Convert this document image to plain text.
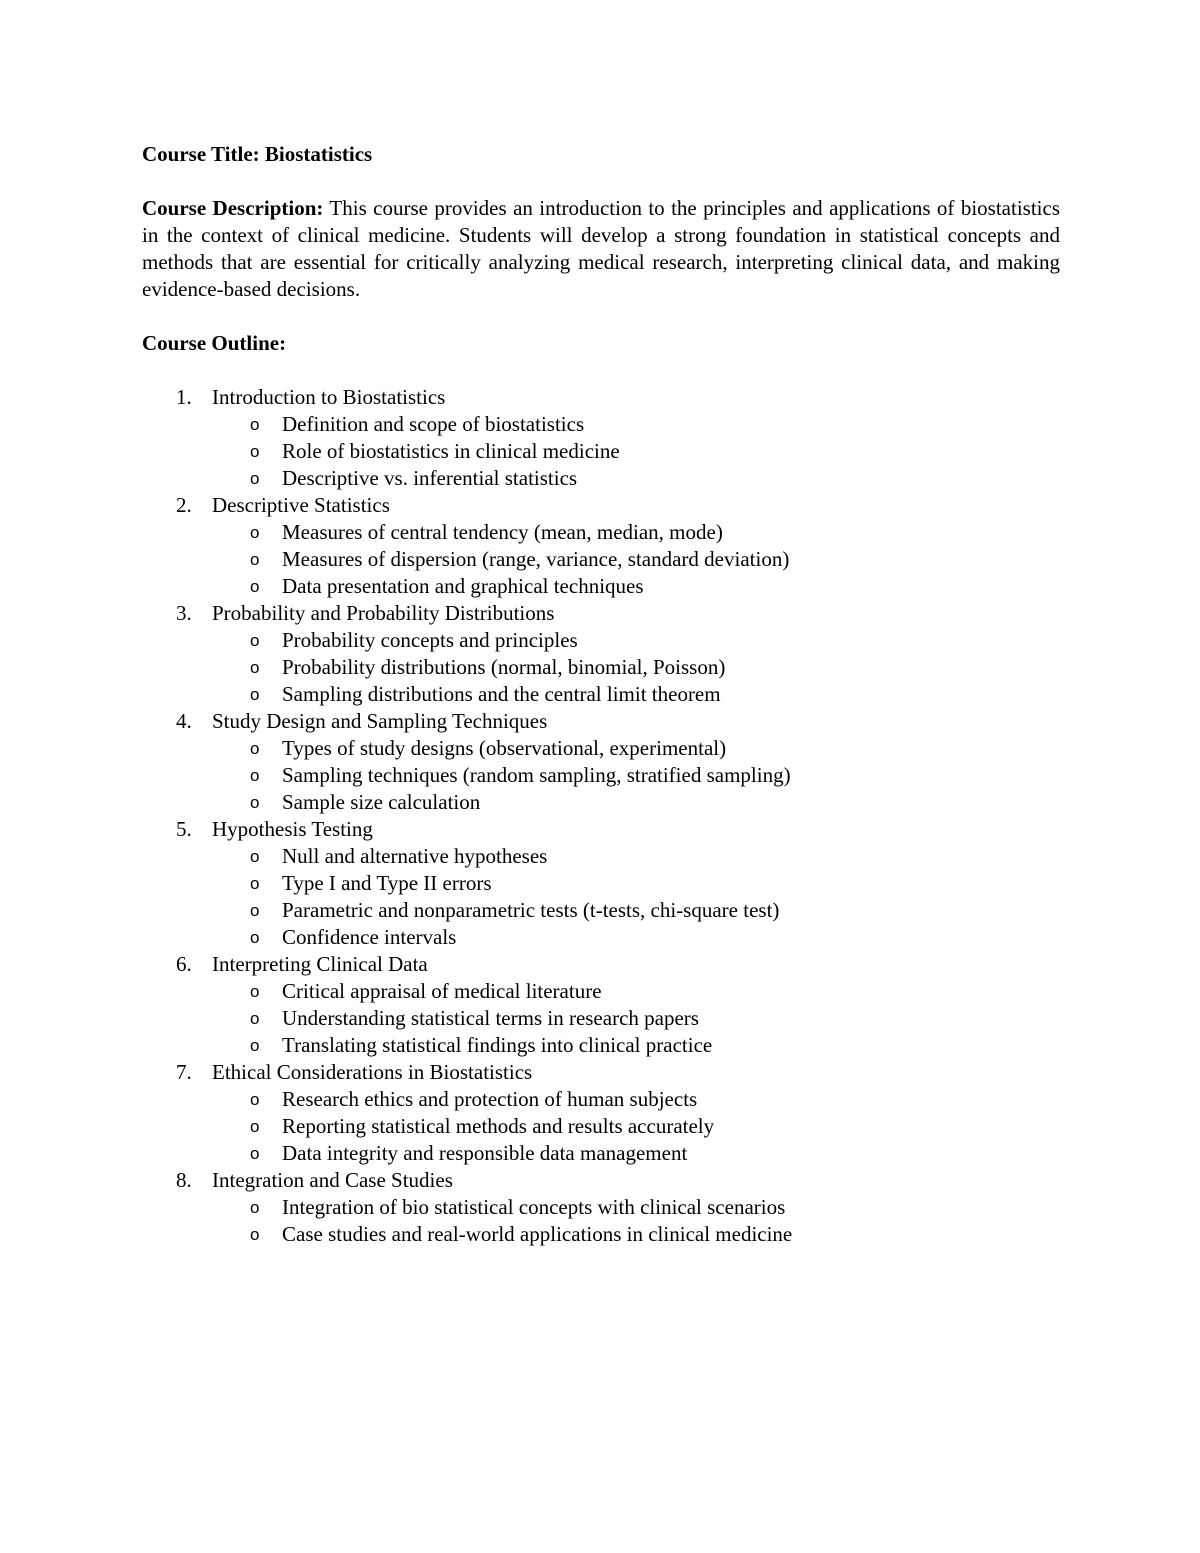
Course Title: Biostatistics

Course Description: This course provides an introduction to the principles and applications of biostatistics in the context of clinical medicine. Students will develop a strong foundation in statistical concepts and methods that are essential for critically analyzing medical research, interpreting clinical data, and making evidence-based decisions.

Course Outline:

1. Introduction to Biostatistics
o Definition and scope of biostatistics
o Role of biostatistics in clinical medicine
o Descriptive vs. inferential statistics
2. Descriptive Statistics
o Measures of central tendency (mean, median, mode)
o Measures of dispersion (range, variance, standard deviation)
o Data presentation and graphical techniques
3. Probability and Probability Distributions
o Probability concepts and principles
o Probability distributions (normal, binomial, Poisson)
o Sampling distributions and the central limit theorem
4. Study Design and Sampling Techniques
o Types of study designs (observational, experimental)
o Sampling techniques (random sampling, stratified sampling)
o Sample size calculation
5. Hypothesis Testing
o Null and alternative hypotheses
o Type I and Type II errors
o Parametric and nonparametric tests (t-tests, chi-square test)
o Confidence intervals
6. Interpreting Clinical Data
o Critical appraisal of medical literature
o Understanding statistical terms in research papers
o Translating statistical findings into clinical practice
7. Ethical Considerations in Biostatistics
o Research ethics and protection of human subjects
o Reporting statistical methods and results accurately
o Data integrity and responsible data management
8. Integration and Case Studies
o Integration of bio statistical concepts with clinical scenarios
o Case studies and real-world applications in clinical medicine
